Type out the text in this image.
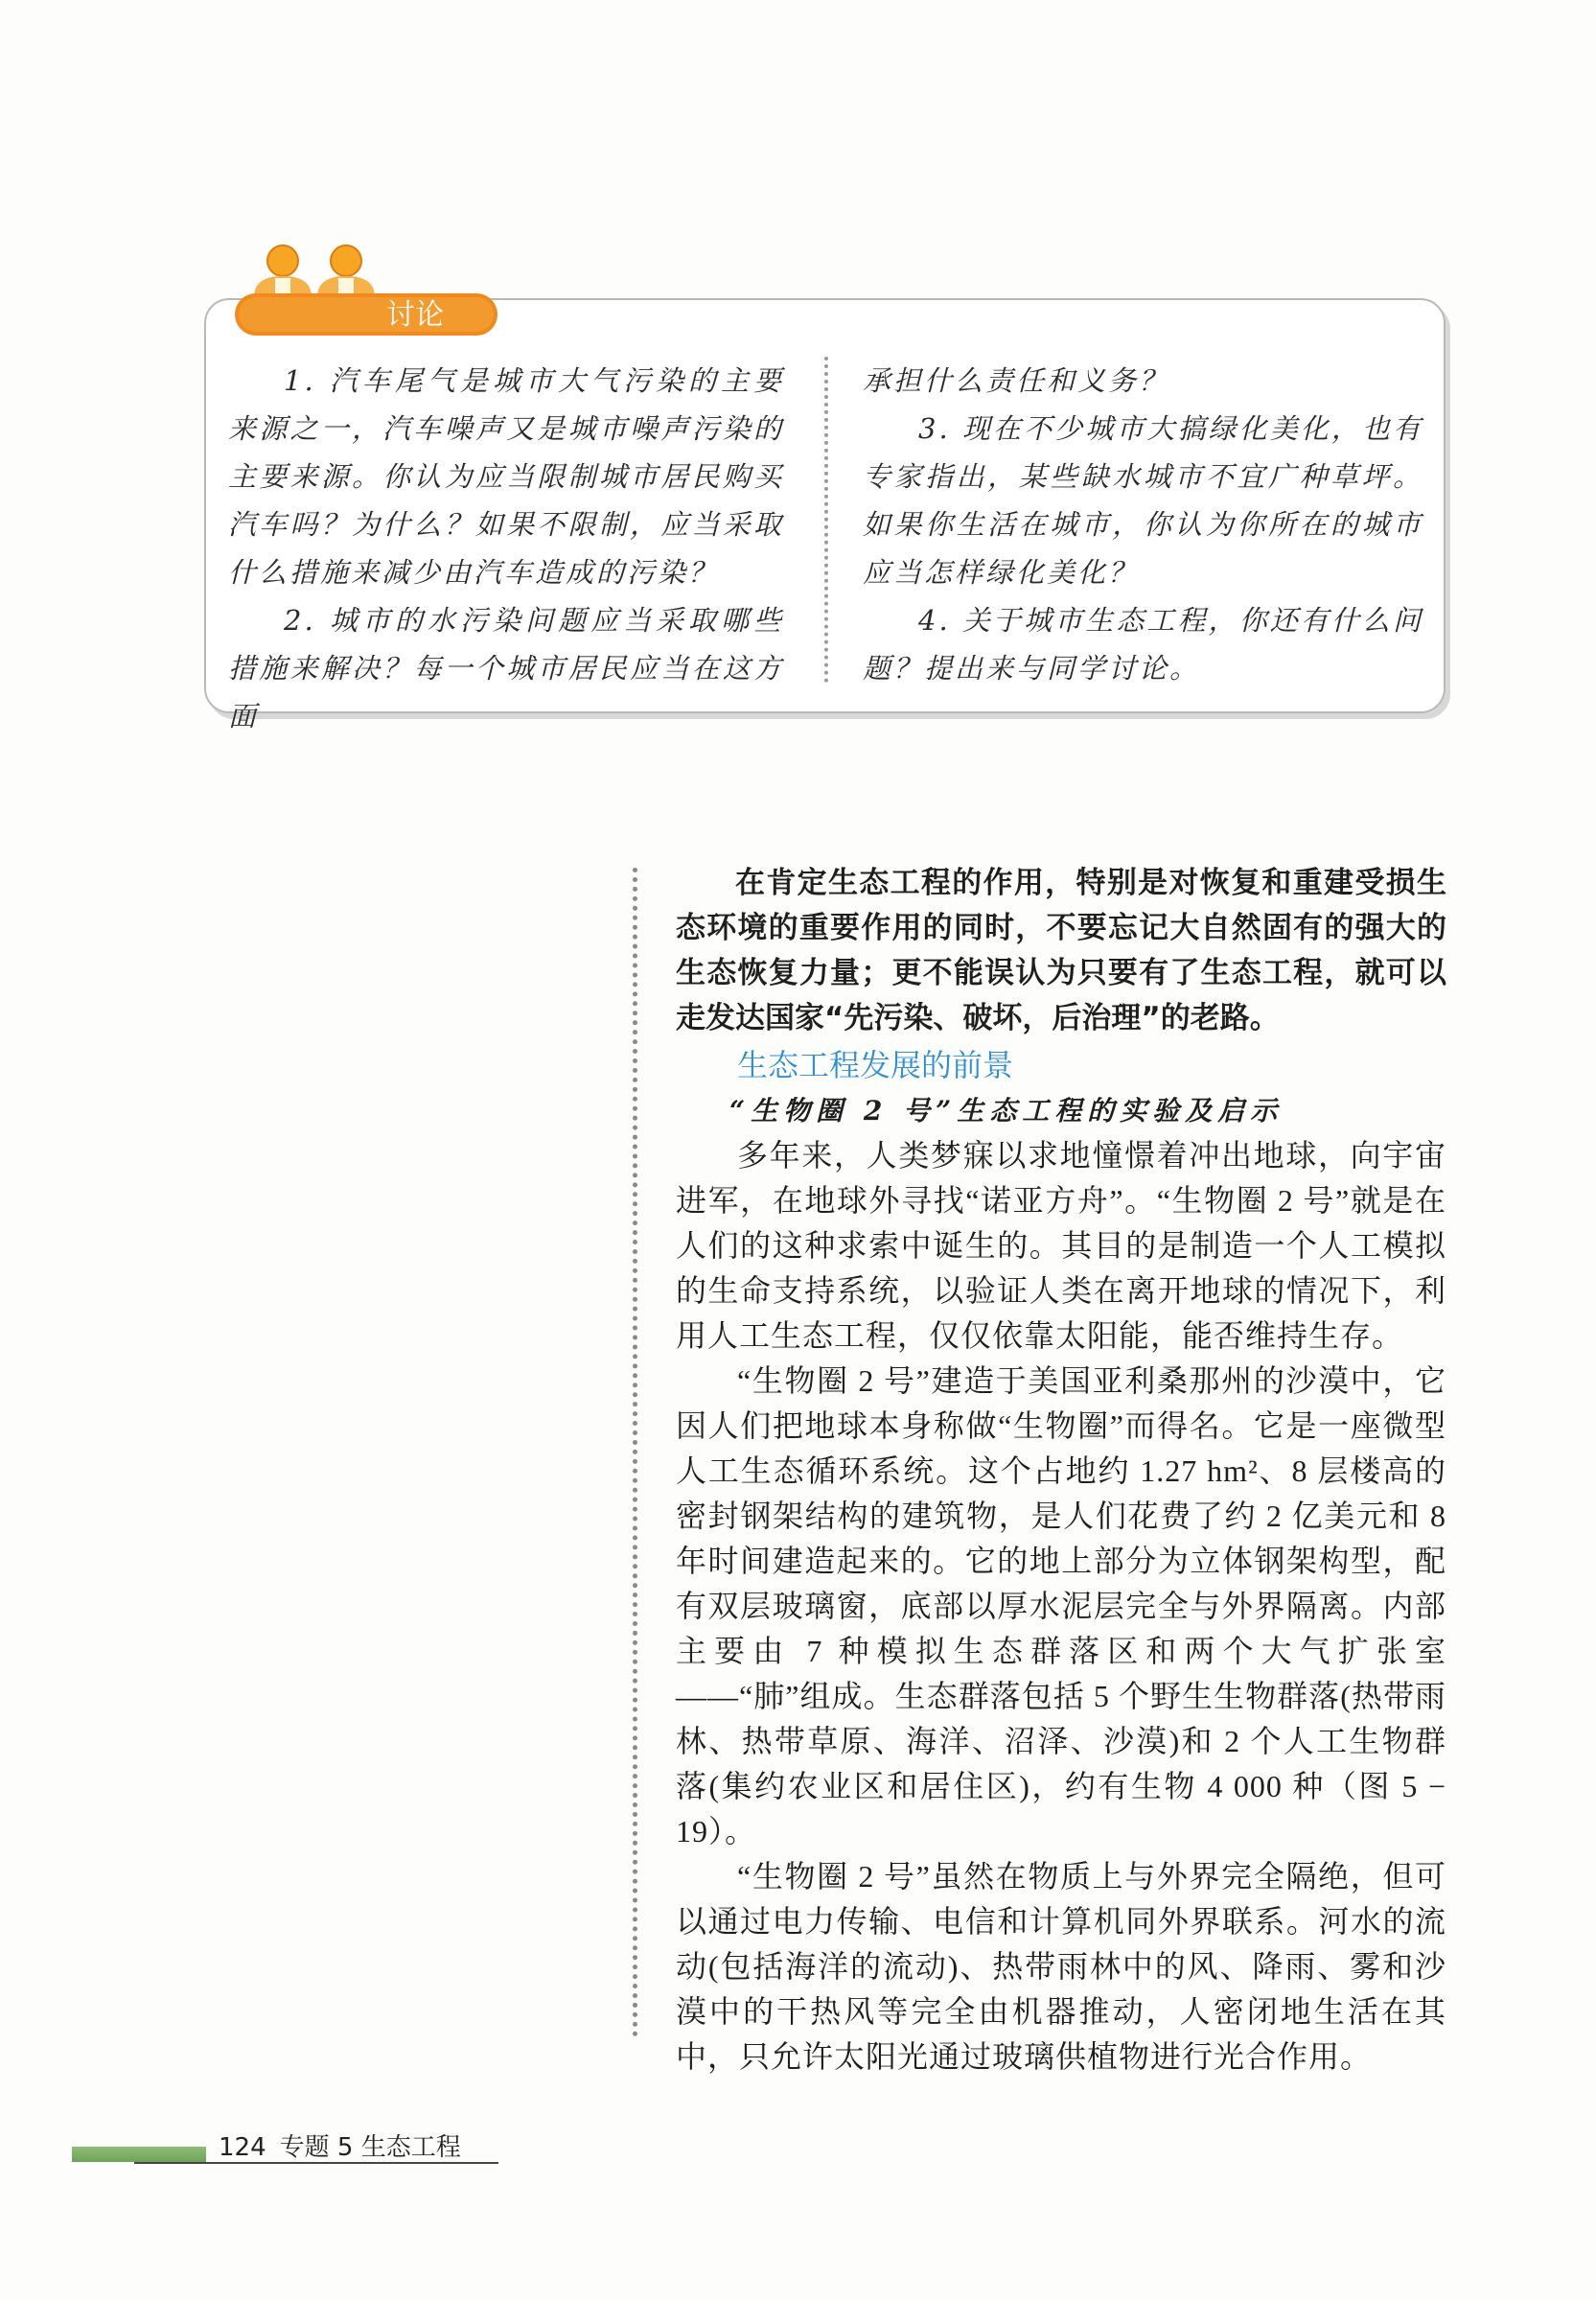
讨论

1. 汽车尾气是城市大气污染的主要来源之一，汽车噪声又是城市噪声污染的主要来源。你认为应当限制城市居民购买汽车吗？为什么？如果不限制，应当采取什么措施来减少由汽车造成的污染？

2. 城市的水污染问题应当采取哪些措施来解决？每一个城市居民应当在这方面

承担什么责任和义务？

3. 现在不少城市大搞绿化美化，也有专家指出，某些缺水城市不宜广种草坪。如果你生活在城市，你认为你所在的城市应当怎样绿化美化？

4. 关于城市生态工程，你还有什么问题？提出来与同学讨论。

在肯定生态工程的作用，特别是对恢复和重建受损生态环境的重要作用的同时，不要忘记大自然固有的强大的生态恢复力量；更不能误认为只要有了生态工程，就可以走发达国家“先污染、破坏，后治理”的老路。

生态工程发展的前景

“生物圈 2 号”生态工程的实验及启示

多年来，人类梦寐以求地憧憬着冲出地球，向宇宙进军，在地球外寻找“诺亚方舟”。“生物圈 2 号”就是在人们的这种求索中诞生的。其目的是制造一个人工模拟的生命支持系统，以验证人类在离开地球的情况下，利用人工生态工程，仅仅依靠太阳能，能否维持生存。

“生物圈 2 号”建造于美国亚利桑那州的沙漠中，它因人们把地球本身称做“生物圈”而得名。它是一座微型人工生态循环系统。这个占地约 1.27 hm²、8 层楼高的密封钢架结构的建筑物，是人们花费了约 2 亿美元和 8 年时间建造起来的。它的地上部分为立体钢架构型，配有双层玻璃窗，底部以厚水泥层完全与外界隔离。内部主要由 7 种模拟生态群落区和两个大气扩张室——“肺”组成。生态群落包括 5 个野生生物群落(热带雨林、热带草原、海洋、沼泽、沙漠)和 2 个人工生物群落(集约农业区和居住区)，约有生物 4 000 种（图 5 − 19）。

“生物圈 2 号”虽然在物质上与外界完全隔绝，但可以通过电力传输、电信和计算机同外界联系。河水的流动(包括海洋的流动)、热带雨林中的风、降雨、雾和沙漠中的干热风等完全由机器推动，人密闭地生活在其中，只允许太阳光通过玻璃供植物进行光合作用。

124 专题 5 生态工程
